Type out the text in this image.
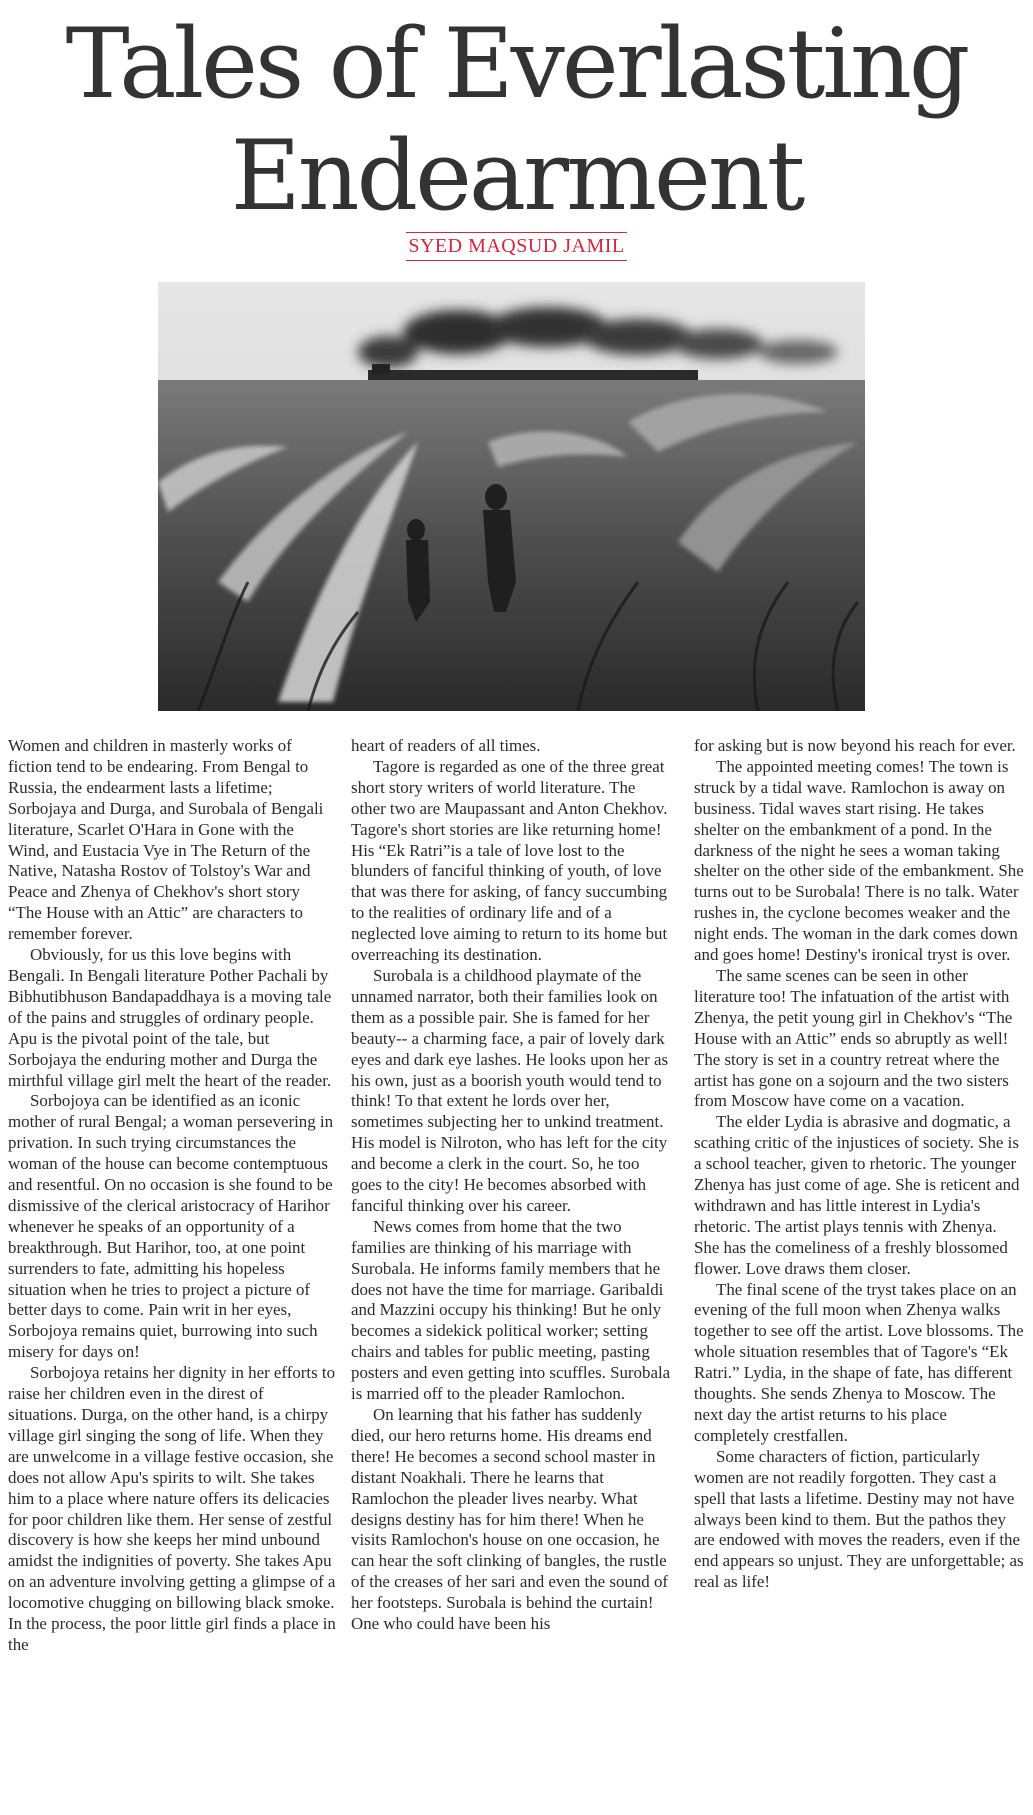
Tales of Everlasting
Endearment
SYED MAQSUD JAMIL

Women and children in masterly works of fiction tend to be endearing. From Bengal to Russia, the endearment lasts a lifetime; Sorbojaya and Durga, and Surobala of Bengali literature, Scarlet O'Hara in Gone with the Wind, and Eustacia Vye in The Return of the Native, Natasha Rostov of Tolstoy's War and Peace and Zhenya of Chekhov's short story “The House with an Attic” are characters to remember forever.

Obviously, for us this love begins with Bengali. In Bengali literature Pother Pachali by Bibhutibhuson Bandapaddhaya is a moving tale of the pains and struggles of ordinary people. Apu is the pivotal point of the tale, but Sorbojaya the enduring mother and Durga the mirthful village girl melt the heart of the reader.

Sorbojoya can be identified as an iconic mother of rural Bengal; a woman persevering in privation. In such trying circumstances the woman of the house can become contemptuous and resentful. On no occasion is she found to be dismissive of the clerical aristocracy of Harihor whenever he speaks of an opportunity of a breakthrough. But Harihor, too, at one point surrenders to fate, admitting his hopeless situation when he tries to project a picture of better days to come. Pain writ in her eyes, Sorbojoya remains quiet, burrowing into such misery for days on!

Sorbojoya retains her dignity in her efforts to raise her children even in the direst of situations. Durga, on the other hand, is a chirpy village girl singing the song of life. When they are unwelcome in a village festive occasion, she does not allow Apu's spirits to wilt. She takes him to a place where nature offers its delicacies for poor children like them. Her sense of zestful discovery is how she keeps her mind unbound amidst the indignities of poverty. She takes Apu on an adventure involving getting a glimpse of a locomotive chugging on billowing black smoke. In the process, the poor little girl finds a place in the

heart of readers of all times.

Tagore is regarded as one of the three great short story writers of world literature. The other two are Maupassant and Anton Chekhov. Tagore's short stories are like returning home! His “Ek Ratri”is a tale of love lost to the blunders of fanciful thinking of youth, of love that was there for asking, of fancy succumbing to the realities of ordinary life and of a neglected love aiming to return to its home but overreaching its destination.

Surobala is a childhood playmate of the unnamed narrator, both their families look on them as a possible pair. She is famed for her beauty-- a charming face, a pair of lovely dark eyes and dark eye lashes. He looks upon her as his own, just as a boorish youth would tend to think! To that extent he lords over her, sometimes subjecting her to unkind treatment. His model is Nilroton, who has left for the city and become a clerk in the court. So, he too goes to the city! He becomes absorbed with fanciful thinking over his career.

News comes from home that the two families are thinking of his marriage with Surobala. He informs family members that he does not have the time for marriage. Garibaldi and Mazzini occupy his thinking! But he only becomes a sidekick political worker; setting chairs and tables for public meeting, pasting posters and even getting into scuffles. Surobala is married off to the pleader Ramlochon.

On learning that his father has suddenly died, our hero returns home. His dreams end there! He becomes a second school master in distant Noakhali. There he learns that Ramlochon the pleader lives nearby. What designs destiny has for him there! When he visits Ramlochon's house on one occasion, he can hear the soft clinking of bangles, the rustle of the creases of her sari and even the sound of her footsteps. Surobala is behind the curtain! One who could have been his

for asking but is now beyond his reach for ever.

The appointed meeting comes! The town is struck by a tidal wave. Ramlochon is away on business. Tidal waves start rising. He takes shelter on the embankment of a pond. In the darkness of the night he sees a woman taking shelter on the other side of the embankment. She turns out to be Surobala! There is no talk. Water rushes in, the cyclone becomes weaker and the night ends. The woman in the dark comes down and goes home! Destiny's ironical tryst is over.

The same scenes can be seen in other literature too! The infatuation of the artist with Zhenya, the petit young girl in Chekhov's “The House with an Attic” ends so abruptly as well! The story is set in a country retreat where the artist has gone on a sojourn and the two sisters from Moscow have come on a vacation.

The elder Lydia is abrasive and dogmatic, a scathing critic of the injustices of society. She is a school teacher, given to rhetoric. The younger Zhenya has just come of age. She is reticent and withdrawn and has little interest in Lydia's rhetoric. The artist plays tennis with Zhenya. She has the comeliness of a freshly blossomed flower. Love draws them closer.

The final scene of the tryst takes place on an evening of the full moon when Zhenya walks together to see off the artist. Love blossoms. The whole situation resembles that of Tagore's “Ek Ratri.” Lydia, in the shape of fate, has different thoughts. She sends Zhenya to Moscow. The next day the artist returns to his place completely crestfallen.

Some characters of fiction, particularly women are not readily forgotten. They cast a spell that lasts a lifetime. Destiny may not have always been kind to them. But the pathos they are endowed with moves the readers, even if the end appears so unjust. They are unforgettable; as real as life!
